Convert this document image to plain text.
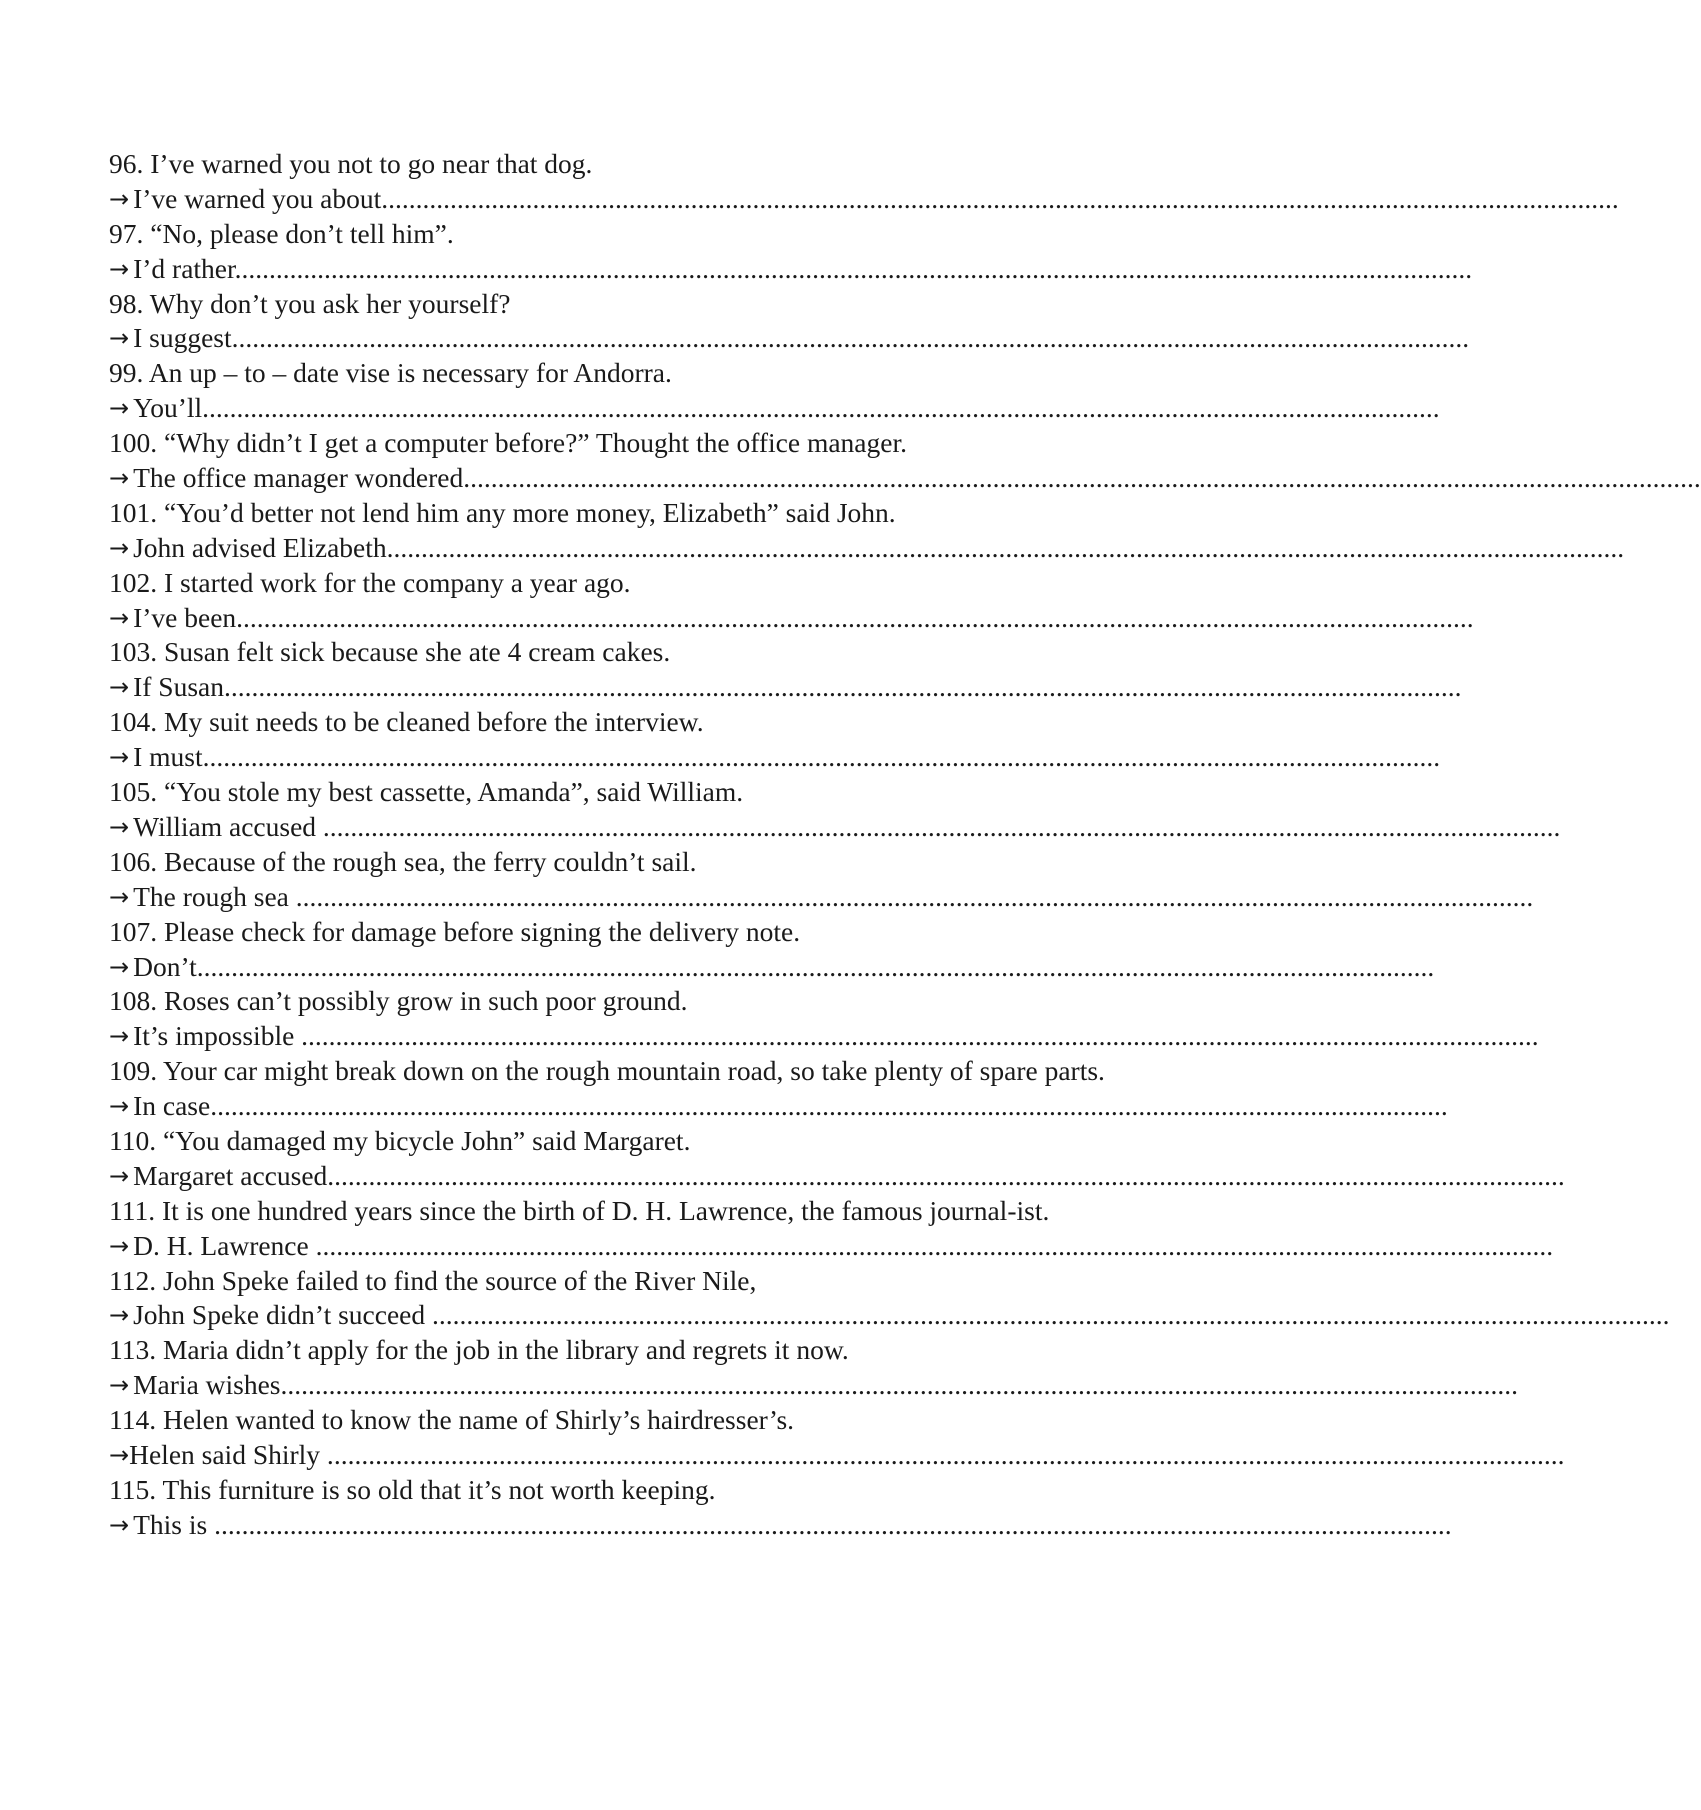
96. I’ve warned you not to go near that dog.
→ I’ve warned you about. ...................................................................................................................................................................................
97. “No, please don’t tell him”.
→ I’d rather. ...................................................................................................................................................................................
98. Why don’t you ask her yourself?
→ I suggest. ...................................................................................................................................................................................
99. An up – to – date vise is necessary for Andorra.
→ You’ll. ...................................................................................................................................................................................
100. “Why didn’t I get a computer before?” Thought the office manager.
→ The office manager wondered. ...................................................................................................................................................................................
101. “You’d better not lend him any more money, Elizabeth” said John.
→ John advised Elizabeth. ...................................................................................................................................................................................
102. I started work for the company a year ago.
→ I’ve been. ...................................................................................................................................................................................
103. Susan felt sick because she ate 4 cream cakes.
→ If Susan. ...................................................................................................................................................................................
104. My suit needs to be cleaned before the interview.
→ I must. ...................................................................................................................................................................................
105. “You stole my best cassette, Amanda”, said William.
→ William accused . ...................................................................................................................................................................................
106. Because of the rough sea, the ferry couldn’t sail.
→ The rough sea . ...................................................................................................................................................................................
107. Please check for damage before signing the delivery note.
→ Don’t. ...................................................................................................................................................................................
108. Roses can’t possibly grow in such poor ground.
→ It’s impossible . ...................................................................................................................................................................................
109. Your car might break down on the rough mountain road, so take plenty of spare parts.
→ In case. ...................................................................................................................................................................................
110. “You damaged my bicycle John” said Margaret.
→ Margaret accused. ...................................................................................................................................................................................
111. It is one hundred years since the birth of D. H. Lawrence, the famous journal-ist.
→ D. H. Lawrence . ...................................................................................................................................................................................
112. John Speke failed to find the source of the River Nile,
→ John Speke didn’t succeed . ...................................................................................................................................................................................
113. Maria didn’t apply for the job in the library and regrets it now.
→ Maria wishes. ...................................................................................................................................................................................
114. Helen wanted to know the name of Shirly’s hairdresser’s.
→ Helen said Shirly . ...................................................................................................................................................................................
115. This furniture is so old that it’s not worth keeping.
→ This is . ...................................................................................................................................................................................
